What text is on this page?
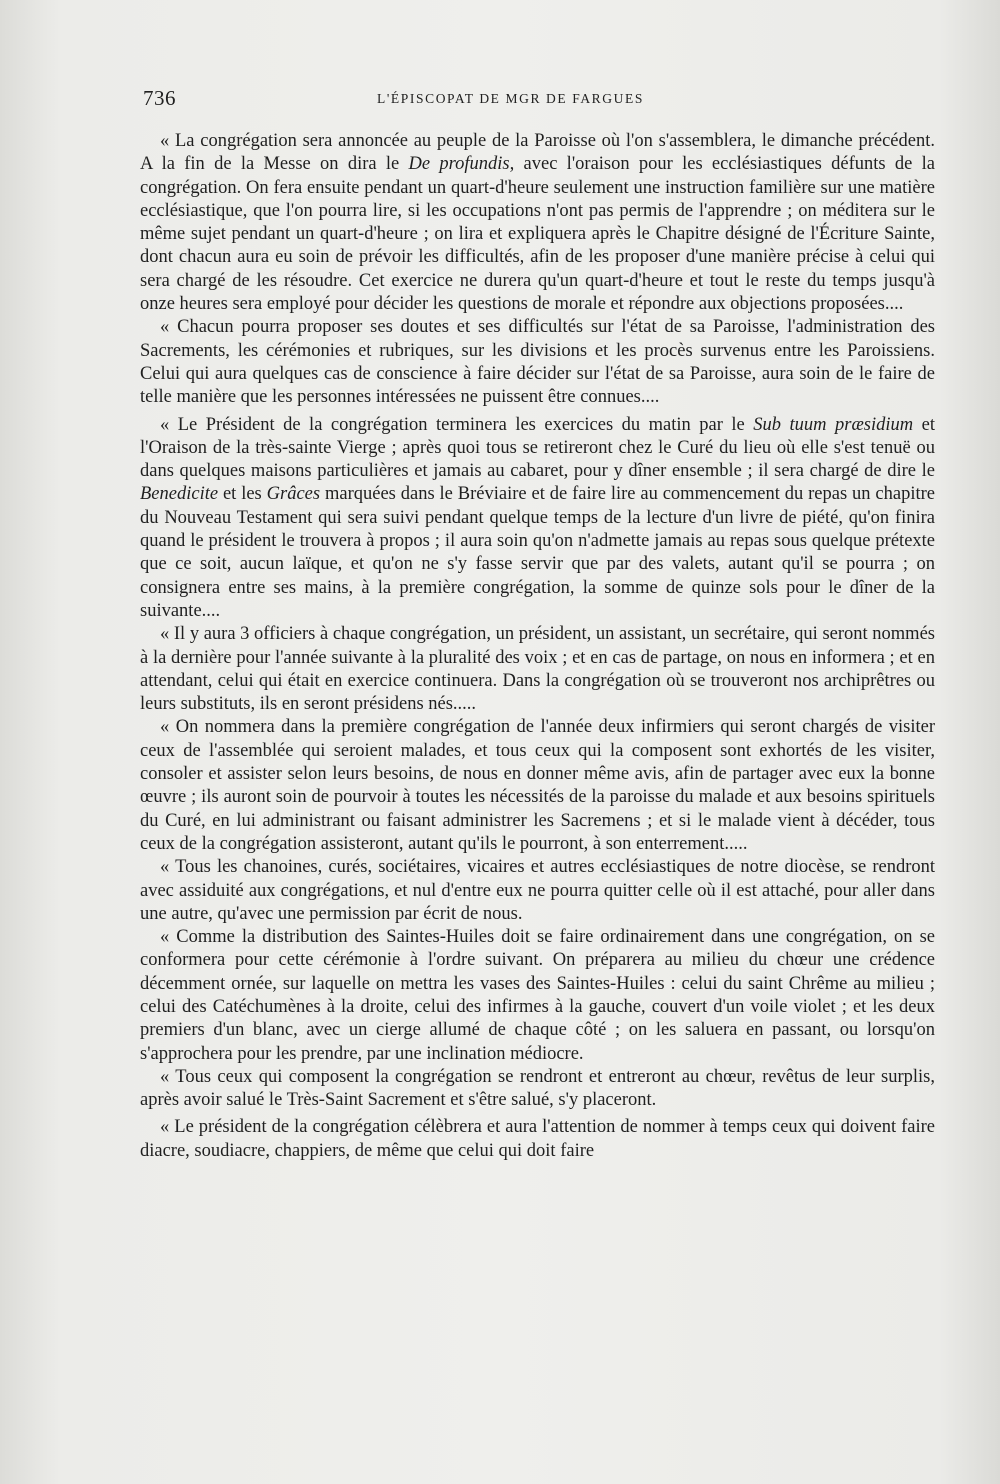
736	L'ÉPISCOPAT DE MGR DE FARGUES

« La congrégation sera annoncée au peuple de la Paroisse où l'on s'assemblera, le dimanche précédent. A la fin de la Messe on dira le De profundis, avec l'oraison pour les ecclésiastiques défunts de la congrégation. On fera ensuite pendant un quart-d'heure seulement une instruction familière sur une matière ecclésiastique, que l'on pourra lire, si les occupations n'ont pas permis de l'apprendre ; on méditera sur le même sujet pendant un quart-d'heure ; on lira et expliquera après le Chapitre désigné de l'Écriture Sainte, dont chacun aura eu soin de prévoir les difficultés, afin de les proposer d'une manière précise à celui qui sera chargé de les résoudre. Cet exercice ne durera qu'un quart-d'heure et tout le reste du temps jusqu'à onze heures sera employé pour décider les questions de morale et répondre aux objections proposées....

« Chacun pourra proposer ses doutes et ses difficultés sur l'état de sa Paroisse, l'administration des Sacrements, les cérémonies et rubriques, sur les divisions et les procès survenus entre les Paroissiens. Celui qui aura quelques cas de conscience à faire décider sur l'état de sa Paroisse, aura soin de le faire de telle manière que les personnes intéressées ne puissent être connues....

« Le Président de la congrégation terminera les exercices du matin par le Sub tuum præsidium et l'Oraison de la très-sainte Vierge ; après quoi tous se retireront chez le Curé du lieu où elle s'est tenuë ou dans quelques maisons particulières et jamais au cabaret, pour y dîner ensemble ; il sera chargé de dire le Benedicite et les Grâces marquées dans le Bréviaire et de faire lire au commencement du repas un chapitre du Nouveau Testament qui sera suivi pendant quelque temps de la lecture d'un livre de piété, qu'on finira quand le président le trouvera à propos ; il aura soin qu'on n'admette jamais au repas sous quelque prétexte que ce soit, aucun laïque, et qu'on ne s'y fasse servir que par des valets, autant qu'il se pourra ; on consignera entre ses mains, à la première congrégation, la somme de quinze sols pour le dîner de la suivante....

« Il y aura 3 officiers à chaque congrégation, un président, un assistant, un secrétaire, qui seront nommés à la dernière pour l'année suivante à la pluralité des voix ; et en cas de partage, on nous en informera ; et en attendant, celui qui était en exercice continuera. Dans la congrégation où se trouveront nos archiprêtres ou leurs substituts, ils en seront présidens nés.....

« On nommera dans la première congrégation de l'année deux infirmiers qui seront chargés de visiter ceux de l'assemblée qui seroient malades, et tous ceux qui la composent sont exhortés de les visiter, consoler et assister selon leurs besoins, de nous en donner même avis, afin de partager avec eux la bonne œuvre ; ils auront soin de pourvoir à toutes les nécessités de la paroisse du malade et aux besoins spirituels du Curé, en lui administrant ou faisant administrer les Sacremens ; et si le malade vient à décéder, tous ceux de la congrégation assisteront, autant qu'ils le pourront, à son enterrement.....

« Tous les chanoines, curés, sociétaires, vicaires et autres ecclésiastiques de notre diocèse, se rendront avec assiduité aux congrégations, et nul d'entre eux ne pourra quitter celle où il est attaché, pour aller dans une autre, qu'avec une permission par écrit de nous.

« Comme la distribution des Saintes-Huiles doit se faire ordinairement dans une congrégation, on se conformera pour cette cérémonie à l'ordre suivant. On préparera au milieu du chœur une crédence décemment ornée, sur laquelle on mettra les vases des Saintes-Huiles : celui du saint Chrême au milieu ; celui des Catéchumènes à la droite, celui des infirmes à la gauche, couvert d'un voile violet ; et les deux premiers d'un blanc, avec un cierge allumé de chaque côté ; on les saluera en passant, ou lorsqu'on s'approchera pour les prendre, par une inclination médiocre.

« Tous ceux qui composent la congrégation se rendront et entreront au chœur, revêtus de leur surplis, après avoir salué le Très-Saint Sacrement et s'être salué, s'y placeront.

« Le président de la congrégation célèbrera et aura l'attention de nommer à temps ceux qui doivent faire diacre, soudiacre, chappiers, de même que celui qui doit faire
